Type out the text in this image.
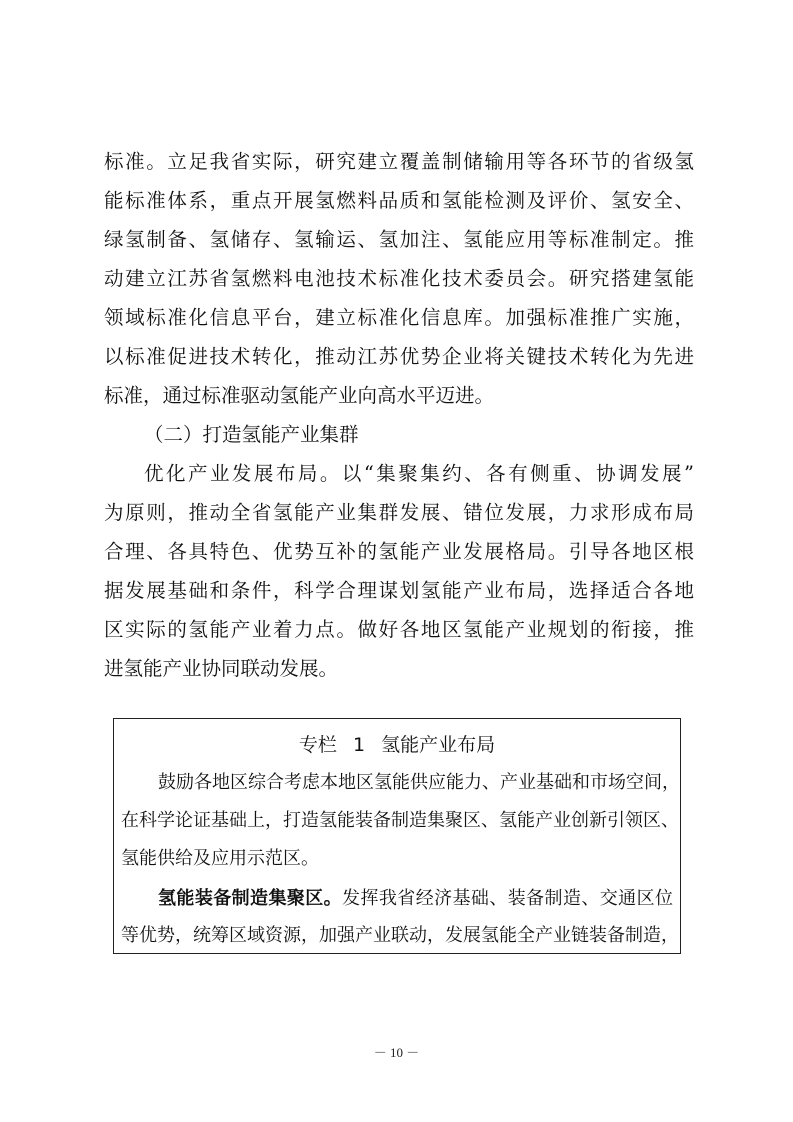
标准。立足我省实际，研究建立覆盖制储输用等各环节的省级氢
能标准体系，重点开展氢燃料品质和氢能检测及评价、氢安全、
绿氢制备、氢储存、氢输运、氢加注、氢能应用等标准制定。推
动建立江苏省氢燃料电池技术标准化技术委员会。研究搭建氢能
领域标准化信息平台，建立标准化信息库。加强标准推广实施，
以标准促进技术转化，推动江苏优势企业将关键技术转化为先进
标准，通过标准驱动氢能产业向高水平迈进。
（二）打造氢能产业集群
优化产业发展布局。以“集聚集约、各有侧重、协调发展”
为原则，推动全省氢能产业集群发展、错位发展，力求形成布局
合理、各具特色、优势互补的氢能产业发展格局。引导各地区根
据发展基础和条件，科学合理谋划氢能产业布局，选择适合各地
区实际的氢能产业着力点。做好各地区氢能产业规划的衔接，推
进氢能产业协同联动发展。
专栏 1 氢能产业布局
鼓励各地区综合考虑本地区氢能供应能力、产业基础和市场空间，
在科学论证基础上，打造氢能装备制造集聚区、氢能产业创新引领区、
氢能供给及应用示范区。
氢能装备制造集聚区。发挥我省经济基础、装备制造、交通区位
等优势，统筹区域资源，加强产业联动，发展氢能全产业链装备制造，
－ 10 －
